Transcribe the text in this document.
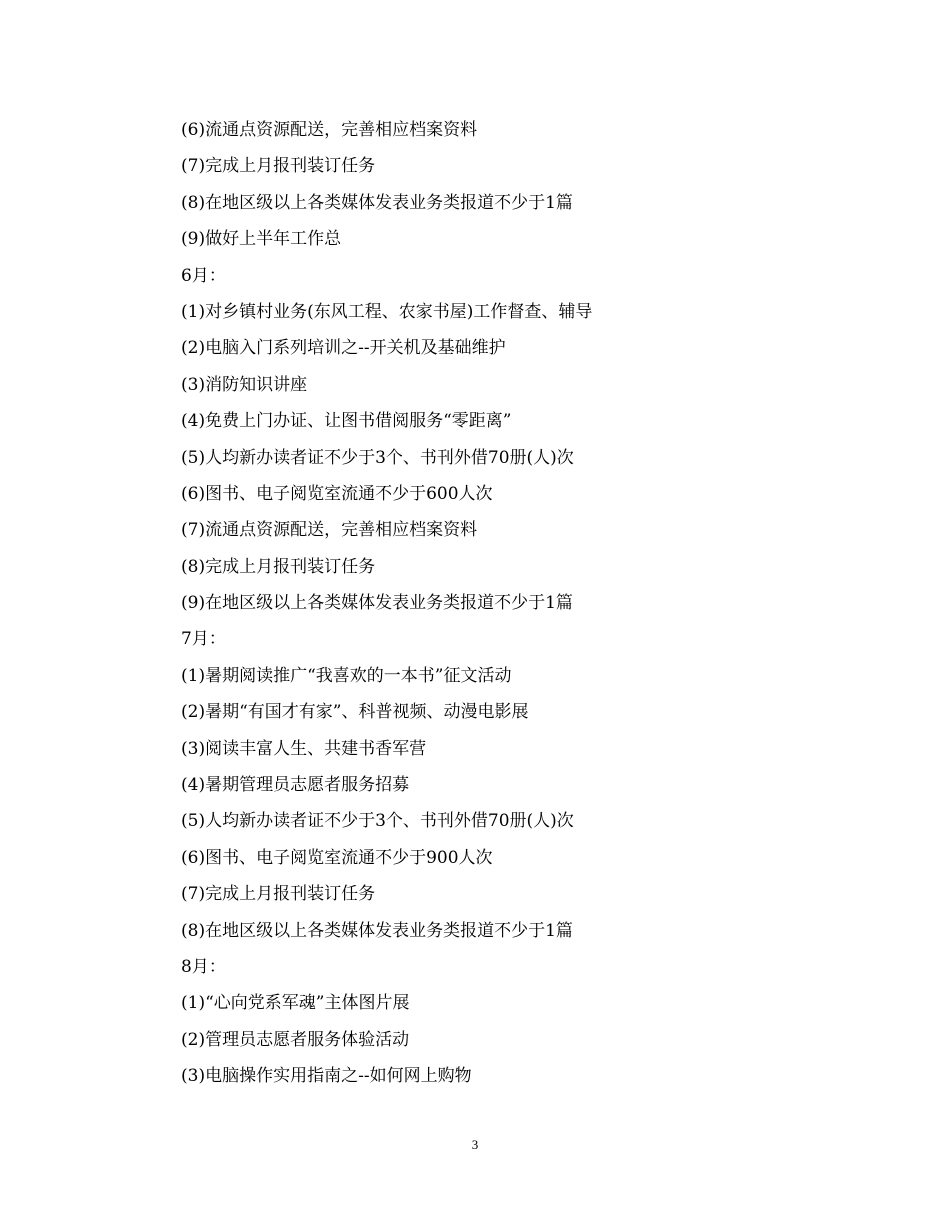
(6)流通点资源配送，完善相应档案资料
(7)完成上月报刊装订任务
(8)在地区级以上各类媒体发表业务类报道不少于1篇
(9)做好上半年工作总
6月：
(1)对乡镇村业务(东风工程、农家书屋)工作督查、辅导
(2)电脑入门系列培训之--开关机及基础维护
(3)消防知识讲座
(4)免费上门办证、让图书借阅服务“零距离”
(5)人均新办读者证不少于3个、书刊外借70册(人)次
(6)图书、电子阅览室流通不少于600人次
(7)流通点资源配送，完善相应档案资料
(8)完成上月报刊装订任务
(9)在地区级以上各类媒体发表业务类报道不少于1篇
7月：
(1)暑期阅读推广“我喜欢的一本书”征文活动
(2)暑期“有国才有家”、科普视频、动漫电影展
(3)阅读丰富人生、共建书香军营
(4)暑期管理员志愿者服务招募
(5)人均新办读者证不少于3个、书刊外借70册(人)次
(6)图书、电子阅览室流通不少于900人次
(7)完成上月报刊装订任务
(8)在地区级以上各类媒体发表业务类报道不少于1篇
8月：
(1)“心向党系军魂”主体图片展
(2)管理员志愿者服务体验活动
(3)电脑操作实用指南之--如何网上购物
3
